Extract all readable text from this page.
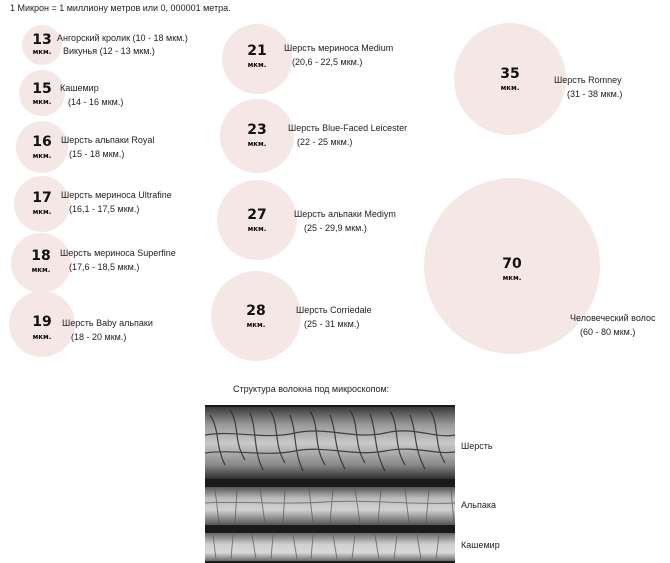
1 Микрон = 1 миллиону метров или 0, 000001 метра.
13
мкм.
Ангорский кролик (10 - 18 мкм.)
Викунья (12 - 13 мкм.)
15
мкм.
Кашемир
(14 - 16 мкм.)
16
мкм.
Шерсть альпаки Royal
(15 - 18 мкм.)
17
мкм.
Шерсть мериноса Ultrafine
(16,1 - 17,5 мкм.)
18
мкм.
Шерсть мериноса Superfine
(17,6 - 18,5 мкм.)
19
мкм.
Шерсть Baby альпаки
(18 - 20 мкм.)
21
мкм.
Шерсть мериноса Medium
(20,6 - 22,5 мкм.)
23
мкм.
Шерсть Blue-Faced Leicester
(22 - 25 мкм.)
27
мкм.
Шерсть альпаки Mediym
(25 - 29,9 мкм.)
28
мкм.
Шерсть Corriedale
(25 - 31 мкм.)
35
мкм.
Шерсть Romney
(31 - 38 мкм.)
70
мкм.
Человеческий волос
(60 - 80 мкм.)
Структура волокна под микроскопом:
Шерсть
Альпака
Кашемир
